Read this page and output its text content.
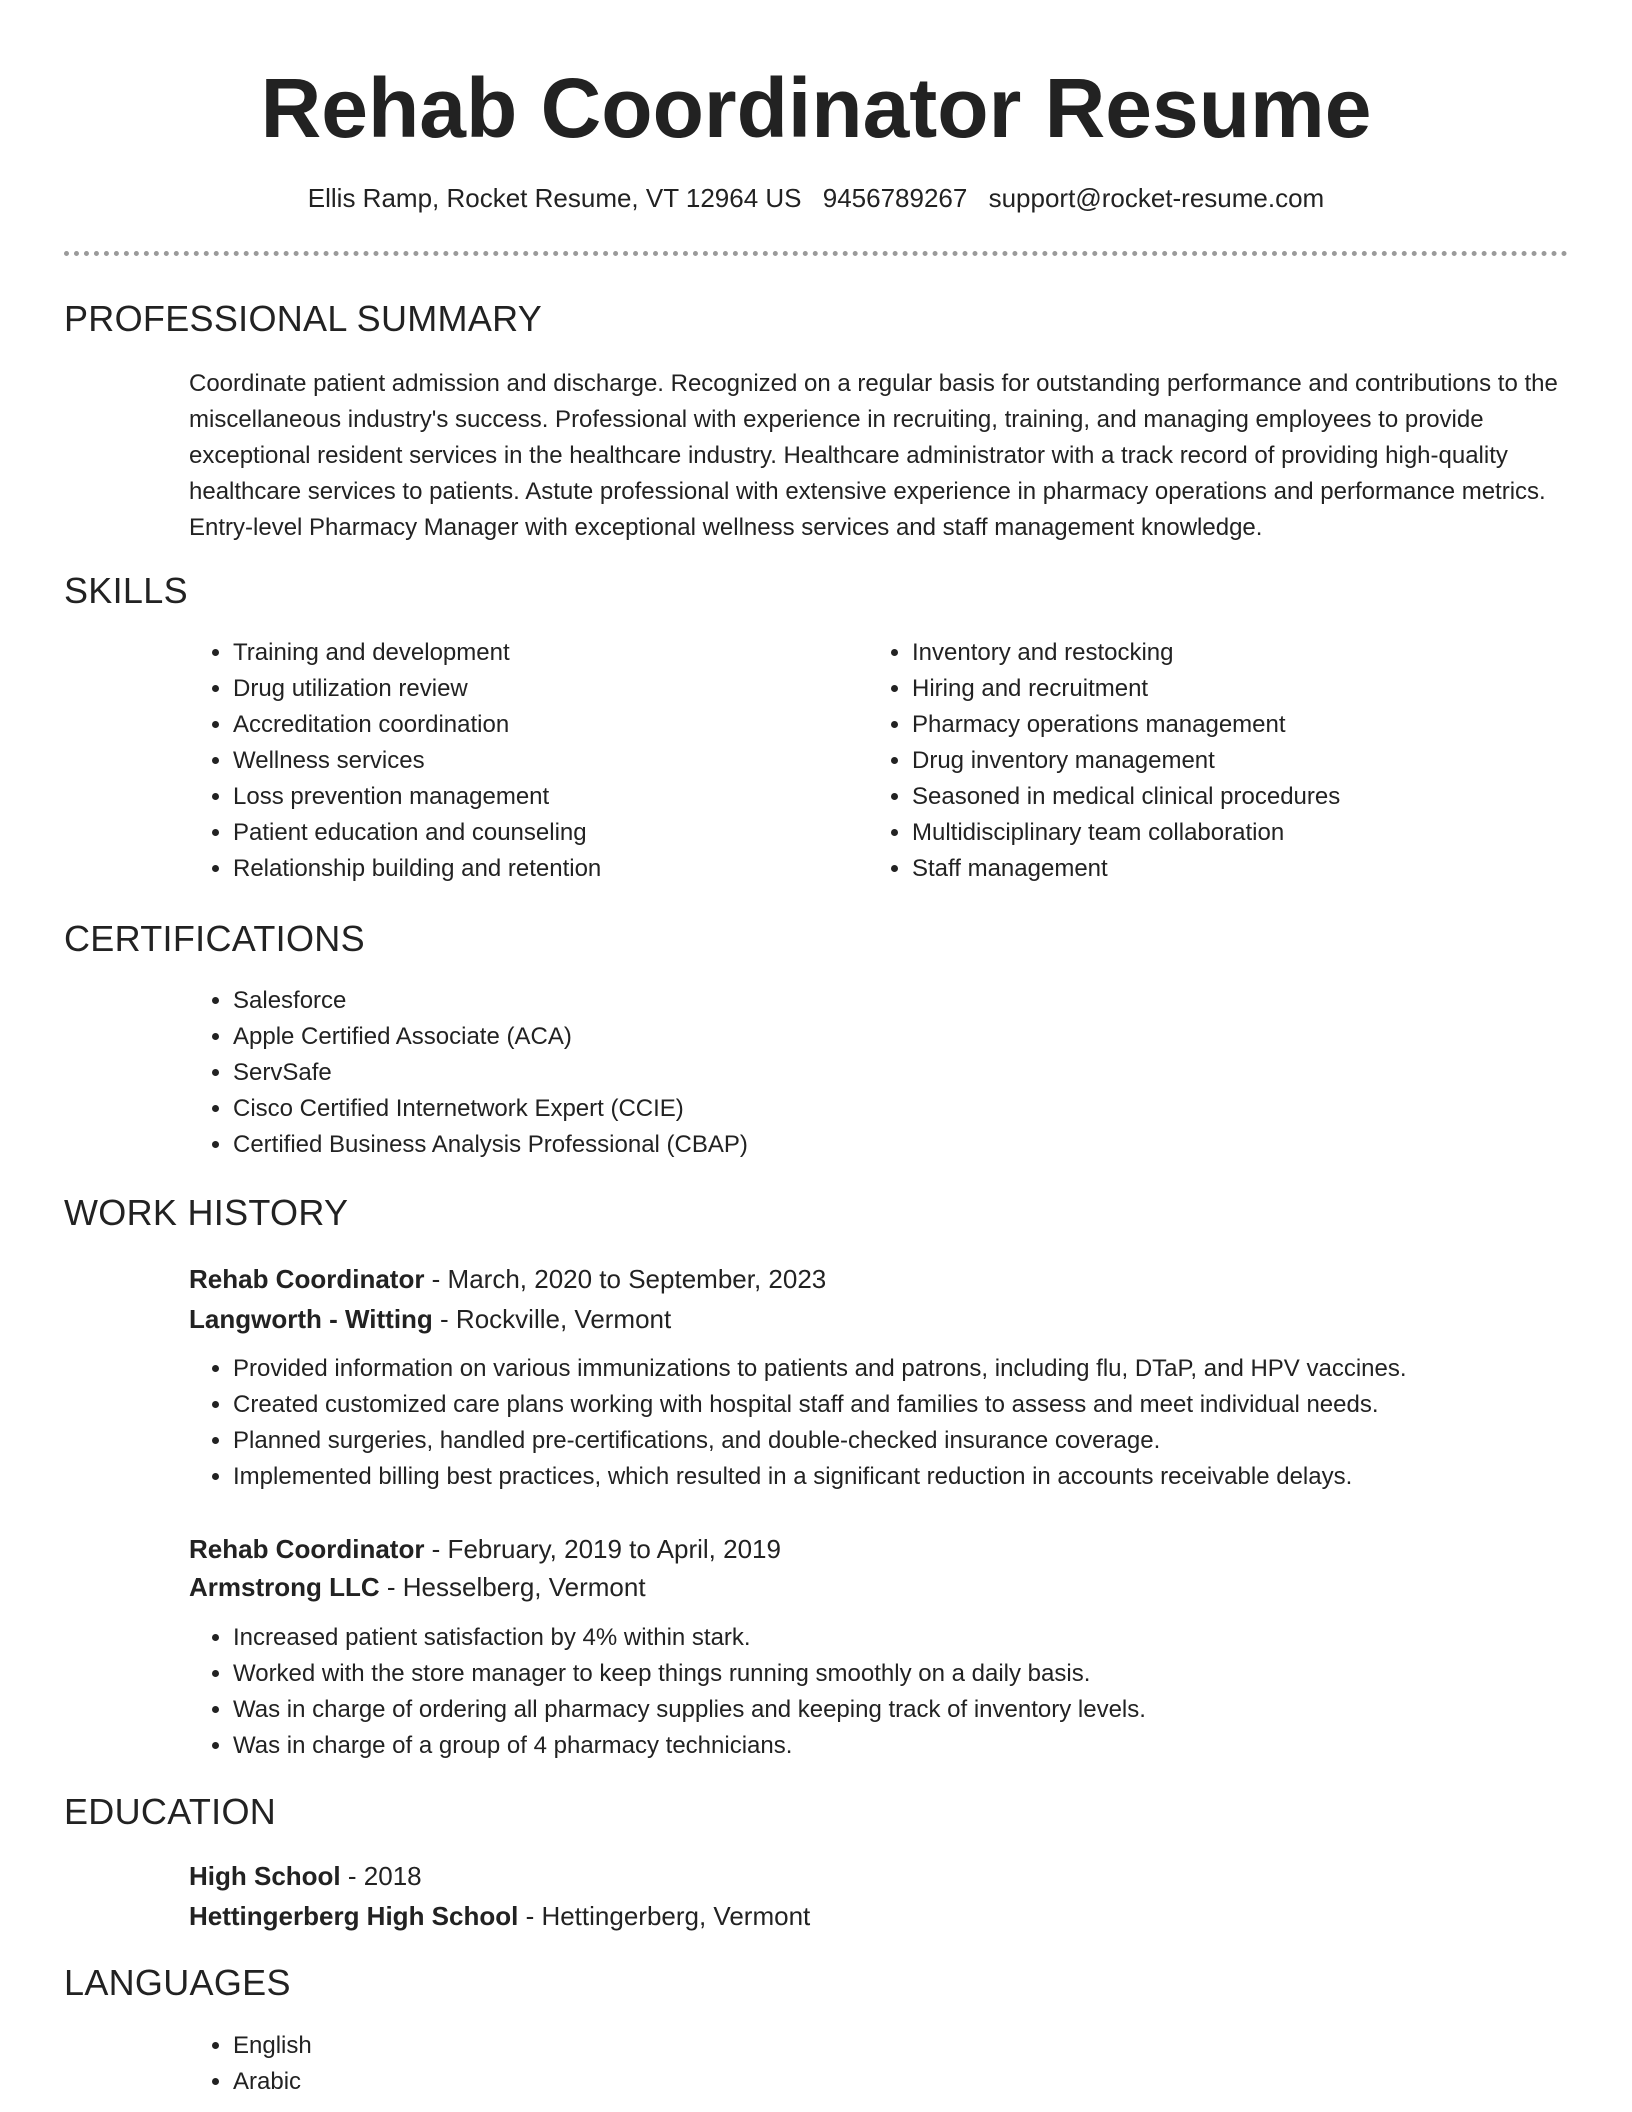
Rehab Coordinator Resume
Ellis Ramp, Rocket Resume, VT 12964 US 9456789267 support@rocket-resume.com
PROFESSIONAL SUMMARY

Coordinate patient admission and discharge. Recognized on a regular basis for outstanding performance and contributions to the miscellaneous industry's success. Professional with experience in recruiting, training, and managing employees to provide exceptional resident services in the healthcare industry. Healthcare administrator with a track record of providing high-quality healthcare services to patients. Astute professional with extensive experience in pharmacy operations and performance metrics. Entry-level Pharmacy Manager with exceptional wellness services and staff management knowledge.

SKILLS
• Training and development
• Drug utilization review
• Accreditation coordination
• Wellness services
• Loss prevention management
• Patient education and counseling
• Relationship building and retention
• Inventory and restocking
• Hiring and recruitment
• Pharmacy operations management
• Drug inventory management
• Seasoned in medical clinical procedures
• Multidisciplinary team collaboration
• Staff management
CERTIFICATIONS
• Salesforce
• Apple Certified Associate (ACA)
• ServSafe
• Cisco Certified Internetwork Expert (CCIE)
• Certified Business Analysis Professional (CBAP)
WORK HISTORY
Rehab Coordinator - March, 2020 to September, 2023
Langworth - Witting - Rockville, Vermont
• Provided information on various immunizations to patients and patrons, including flu, DTaP, and HPV vaccines.
• Created customized care plans working with hospital staff and families to assess and meet individual needs.
• Planned surgeries, handled pre-certifications, and double-checked insurance coverage.
• Implemented billing best practices, which resulted in a significant reduction in accounts receivable delays.
Rehab Coordinator - February, 2019 to April, 2019
Armstrong LLC - Hesselberg, Vermont
• Increased patient satisfaction by 4% within stark.
• Worked with the store manager to keep things running smoothly on a daily basis.
• Was in charge of ordering all pharmacy supplies and keeping track of inventory levels.
• Was in charge of a group of 4 pharmacy technicians.
EDUCATION
High School - 2018
Hettingerberg High School - Hettingerberg, Vermont
LANGUAGES
• English
• Arabic
